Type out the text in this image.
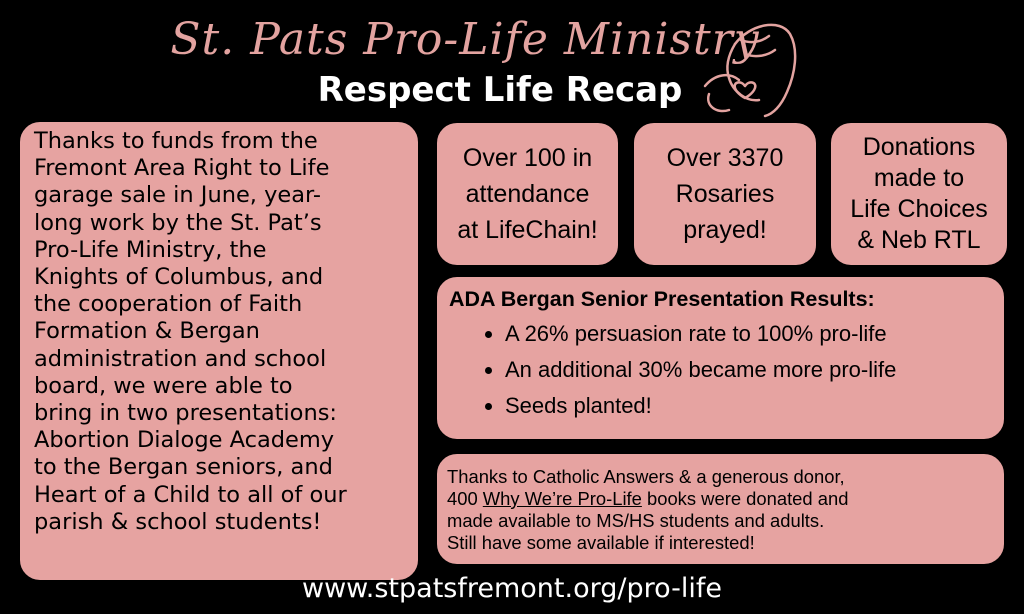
St. Pats Pro-Life Ministry
Respect Life Recap
Thanks to funds from the
Fremont Area Right to Life
garage sale in June, year-
long work by the St. Pat’s
Pro-Life Ministry, the
Knights of Columbus, and
the cooperation of Faith
Formation & Bergan
administration and school
board, we were able to
bring in two presentations:
Abortion Dialoge Academy
to the Bergan seniors, and
Heart of a Child to all of our
parish & school students!
Over 100 in
attendance
at LifeChain!
Over 3370
Rosaries
prayed!
Donations
made to
Life Choices
& Neb RTL
ADA Bergan Senior Presentation Results:
• A 26% persuasion rate to 100% pro-life
• An additional 30% became more pro-life
• Seeds planted!
Thanks to Catholic Answers & a generous donor,
400 Why We’re Pro-Life books were donated and
made available to MS/HS students and adults.
Still have some available if interested!
www.stpatsfremont.org/pro-life
